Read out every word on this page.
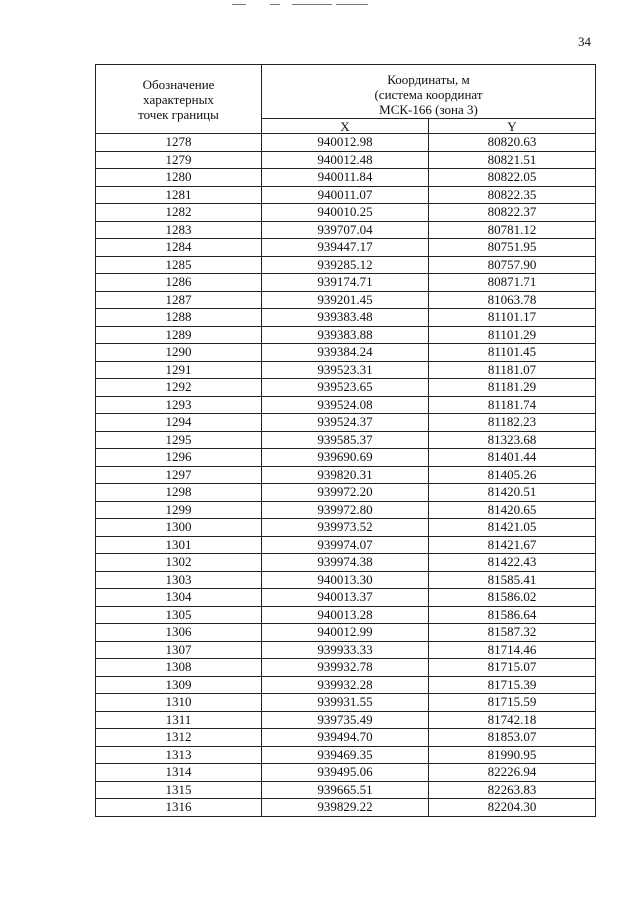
34
Обозначение
характерных
точек границы	Координаты, м
(система координат
МСК-166 (зона 3)	

	X	Y
1278	940012.98	80820.63
1279	940012.48	80821.51
1280	940011.84	80822.05
1281	940011.07	80822.35
1282	940010.25	80822.37
1283	939707.04	80781.12
1284	939447.17	80751.95
1285	939285.12	80757.90
1286	939174.71	80871.71
1287	939201.45	81063.78
1288	939383.48	81101.17
1289	939383.88	81101.29
1290	939384.24	81101.45
1291	939523.31	81181.07
1292	939523.65	81181.29
1293	939524.08	81181.74
1294	939524.37	81182.23
1295	939585.37	81323.68
1296	939690.69	81401.44
1297	939820.31	81405.26
1298	939972.20	81420.51
1299	939972.80	81420.65
1300	939973.52	81421.05
1301	939974.07	81421.67
1302	939974.38	81422.43
1303	940013.30	81585.41
1304	940013.37	81586.02
1305	940013.28	81586.64
1306	940012.99	81587.32
1307	939933.33	81714.46
1308	939932.78	81715.07
1309	939932.28	81715.39
1310	939931.55	81715.59
1311	939735.49	81742.18
1312	939494.70	81853.07
1313	939469.35	81990.95
1314	939495.06	82226.94
1315	939665.51	82263.83
1316	939829.22	82204.30
